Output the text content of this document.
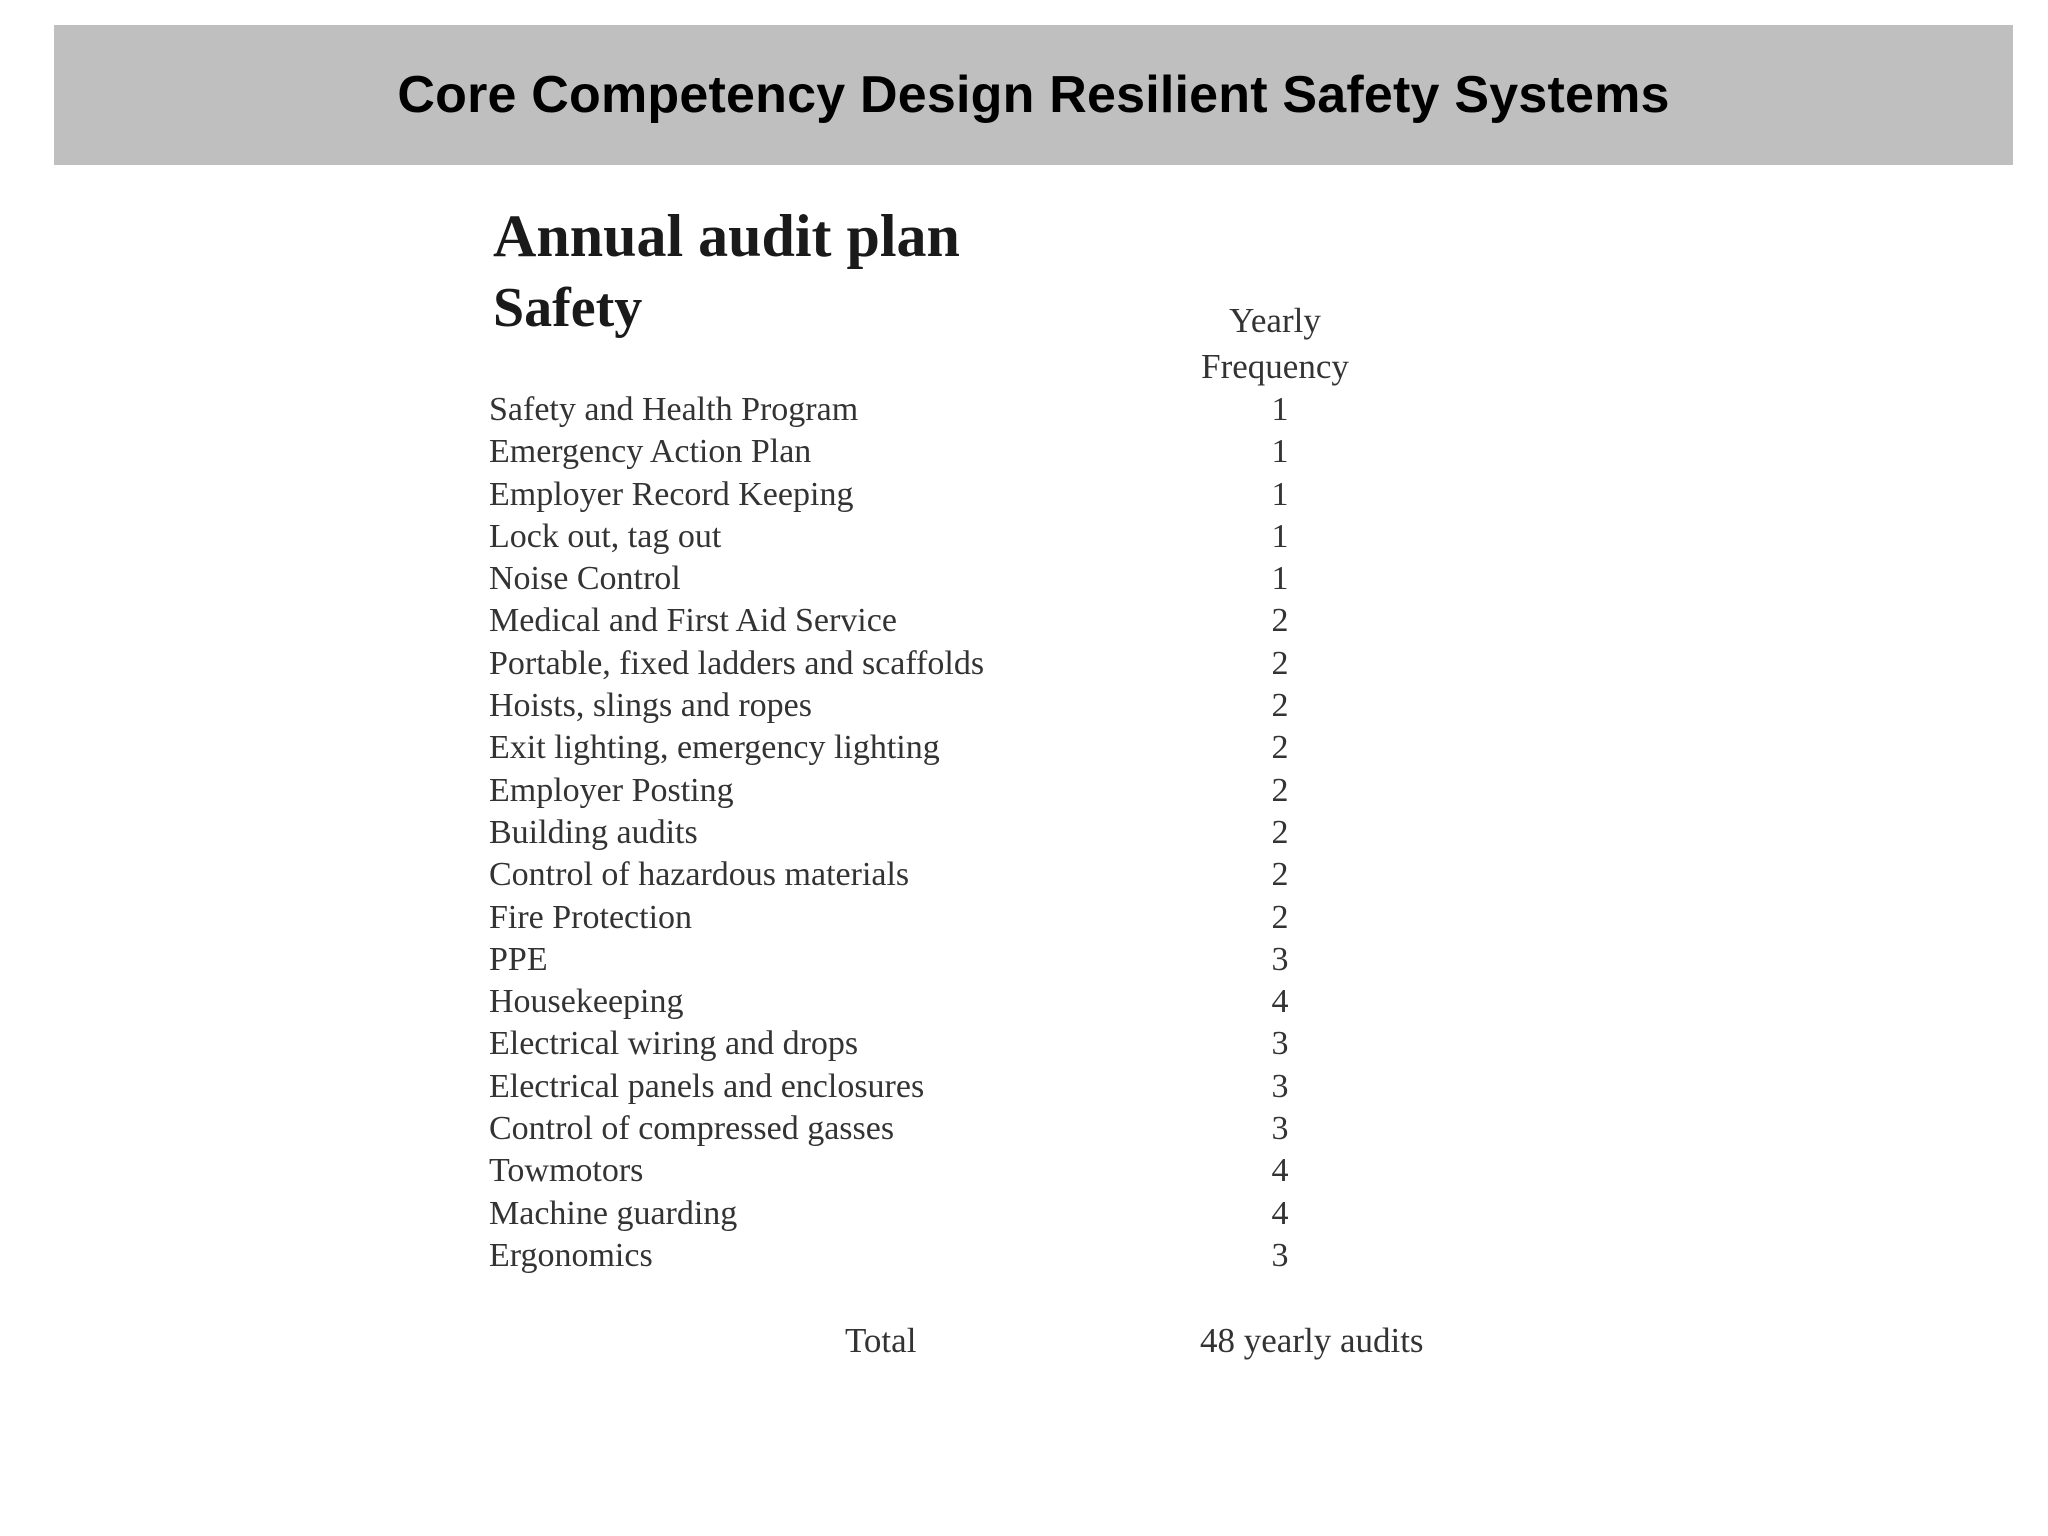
Core Competency Design Resilient Safety Systems
Annual audit plan
Safety	Yearly
Frequency
Safety and Health Program	1
Emergency Action Plan	1
Employer Record Keeping	1
Lock out, tag out	1
Noise Control	1
Medical and First Aid Service	2
Portable, fixed ladders and scaffolds	2
Hoists, slings and ropes	2
Exit lighting, emergency lighting	2
Employer Posting	2
Building audits	2
Control of hazardous materials	2
Fire Protection	2
PPE	3
Housekeeping	4
Electrical wiring and drops	3
Electrical panels and enclosures	3
Control of compressed gasses	3
Towmotors	4
Machine guarding	4
Ergonomics	3
Total	48 yearly audits
